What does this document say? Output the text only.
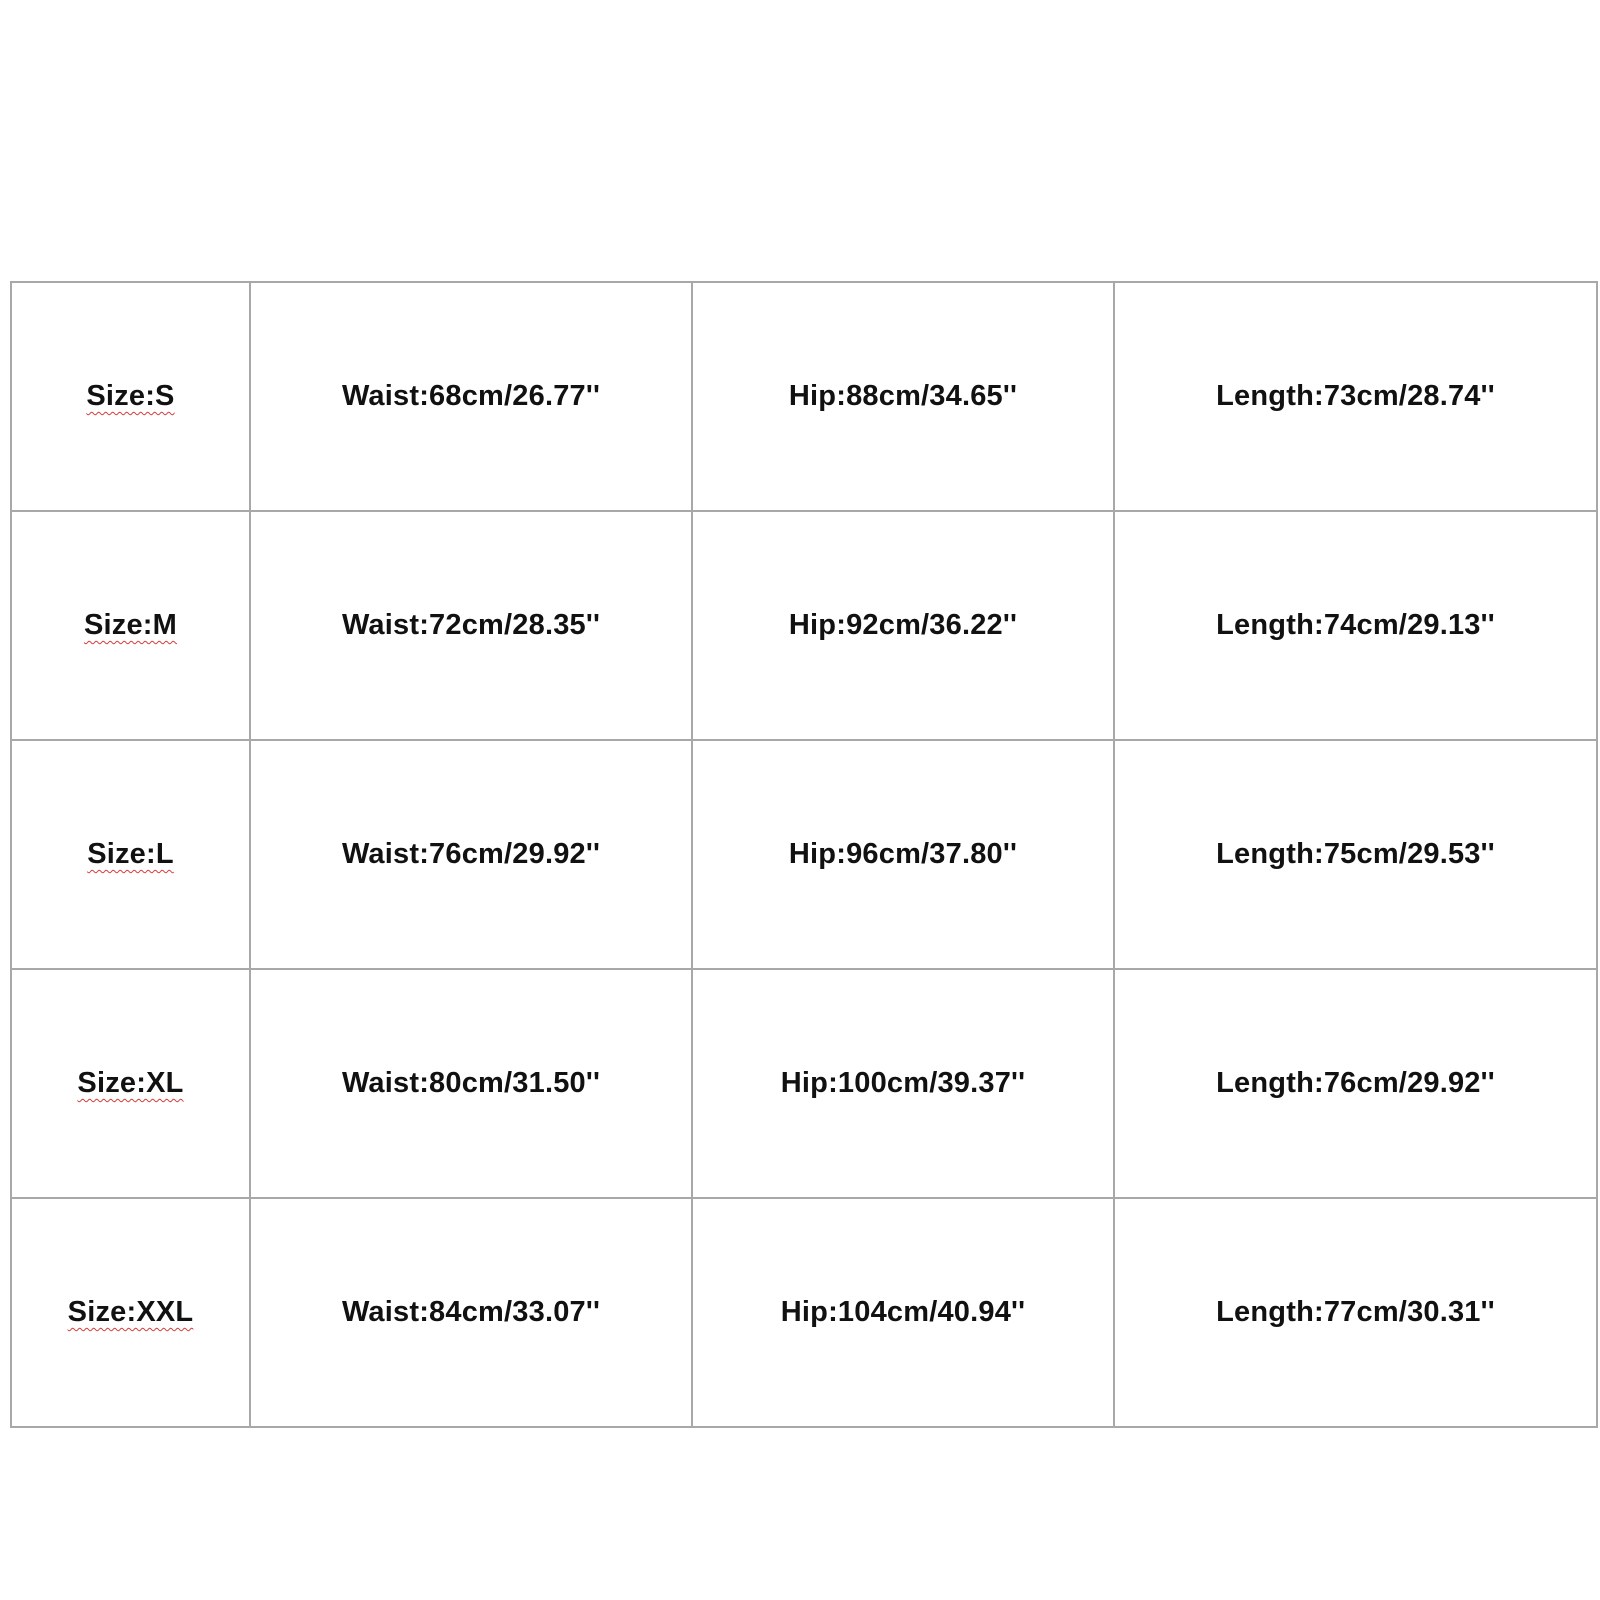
Size:S	Waist:68cm/26.77''	Hip:88cm/34.65''	Length:73cm/28.74''
Size:M	Waist:72cm/28.35''	Hip:92cm/36.22''	Length:74cm/29.13''
Size:L	Waist:76cm/29.92''	Hip:96cm/37.80''	Length:75cm/29.53''
Size:XL	Waist:80cm/31.50''	Hip:100cm/39.37''	Length:76cm/29.92''
Size:XXL	Waist:84cm/33.07''	Hip:104cm/40.94''	Length:77cm/30.31''
